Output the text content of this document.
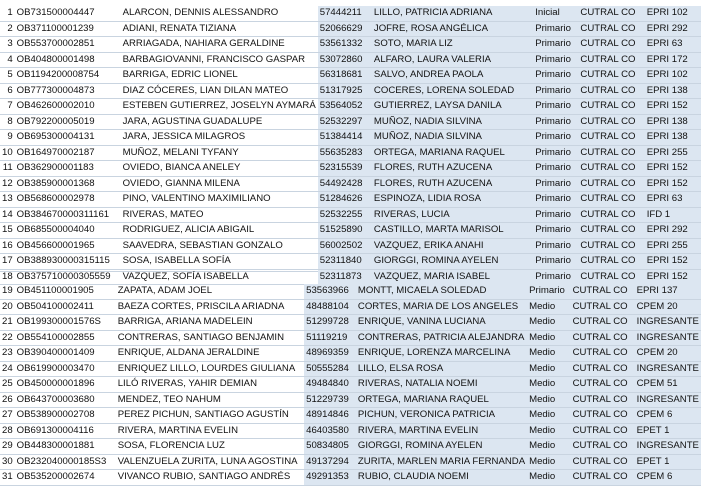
1	OB731500004447	ALARCON, DENNIS ALESSANDRO	57444211	LILLO, PATRICIA ADRIANA	Inicial	CUTRAL CO	EPRI 102
2	OB371100001239	ADIANI, RENATA TIZIANA	52066629	JOFRE, ROSA ANGÉLICA	Primario	CUTRAL CO	EPRI 292
3	OB553700002851	ARRIAGADA, NAHIARA GERALDINE	53561332	SOTO, MARIA LIZ	Primario	CUTRAL CO	EPRI 63
4	OB404800001498	BARBAGIOVANNI, FRANCISCO GASPAR	53072860	ALFARO, LAURA VALERIA	Primario	CUTRAL CO	EPRI 172
5	OB1194200008754	BARRIGA, EDRIC LIONEL	56318681	SALVO, ANDREA PAOLA	Primario	CUTRAL CO	EPRI 102
6	OB777300004873	DIAZ CÓCERES, LIAN DILAN MATEO	51317925	COCERES, LORENA SOLEDAD	Primario	CUTRAL CO	EPRI 138
7	OB462600002010	ESTEBEN GUTIERREZ, JOSELYN AYMARÁ	53564052	GUTIERREZ, LAYSA DANILA	Primario	CUTRAL CO	EPRI 152
8	OB792200005019	JARA, AGUSTINA GUADALUPE	52532297	MUÑOZ, NADIA SILVINA	Primario	CUTRAL CO	EPRI 138
9	OB695300004131	JARA, JESSICA MILAGROS	51384414	MUÑOZ, NADIA SILVINA	Primario	CUTRAL CO	EPRI 138
10	OB164970002187	MUÑOZ, MELANI TYFANY	55635283	ORTEGA, MARIANA RAQUEL	Primario	CUTRAL CO	EPRI 255
11	OB362900001183	OVIEDO, BIANCA ANELEY	52315539	FLORES, RUTH AZUCENA	Primario	CUTRAL CO	EPRI 152
12	OB385900001368	OVIEDO, GIANNA MILENA	54492428	FLORES, RUTH AZUCENA	Primario	CUTRAL CO	EPRI 152
13	OB568600002978	PINO, VALENTINO MAXIMILIANO	51284626	ESPINOZA, LIDIA ROSA	Primario	CUTRAL CO	EPRI 63
14	OB384670000311161	RIVERAS, MATEO	52532255	RIVERAS, LUCIA	Primario	CUTRAL CO	IFD 1
15	OB685500004040	RODRIGUEZ, ALICIA ABIGAIL	51525890	CASTILLO, MARTA MARISOL	Primario	CUTRAL CO	EPRI 292
16	OB456600001965	SAAVEDRA, SEBASTIAN GONZALO	56002502	VAZQUEZ, ERIKA ANAHI	Primario	CUTRAL CO	EPRI 255
17	OB388930000315115	SOSA, ISABELLA SOFÍA	52311840	GIORGGI, ROMINA AYELEN	Primario	CUTRAL CO	EPRI 152
18	OB375710000305559	VAZQUEZ, SOFÍA ISABELLA	52311873	VAZQUEZ, MARIA ISABEL	Primario	CUTRAL CO	EPRI 152
19	OB451100001905	ZAPATA, ADAM JOEL	53563966	MONTT, MICAELA SOLEDAD	Primario	CUTRAL CO	EPRI 137
20	OB504100002411	BAEZA CORTES, PRISCILA ARIADNA	48488104	CORTES, MARIA DE LOS ANGELES	Medio	CUTRAL CO	CPEM 20
21	OB199300001576S	BARRIGA, ARIANA MADELEIN	51299728	ENRIQUE, VANINA LUCIANA	Medio	CUTRAL CO	INGRESANTE
22	OB554100002855	CONTRERAS, SANTIAGO BENJAMIN	51119219	CONTRERAS, PATRICIA ALEJANDRA	Medio	CUTRAL CO	INGRESANTE
23	OB390400001409	ENRIQUE, ALDANA JERALDINE	48969359	ENRIQUE, LORENZA MARCELINA	Medio	CUTRAL CO	CPEM 20
24	OB619900003470	ENRIQUEZ LILLO, LOURDES GIULIANA	50555284	LILLO, ELSA ROSA	Medio	CUTRAL CO	INGRESANTE
25	OB450000001896	LILÓ RIVERAS, YAHIR DEMIAN	49484840	RIVERAS, NATALIA NOEMI	Medio	CUTRAL CO	CPEM 51
26	OB643700003680	MENDEZ, TEO NAHUM	51229739	ORTEGA, MARIANA RAQUEL	Medio	CUTRAL CO	INGRESANTE
27	OB538900002708	PEREZ PICHUN, SANTIAGO AGUSTÍN	48914846	PICHUN, VERONICA PATRICIA	Medio	CUTRAL CO	CPEM 6
28	OB691300004116	RIVERA, MARTINA EVELIN	46403580	RIVERA, MARTINA EVELIN	Medio	CUTRAL CO	EPET 1
29	OB448300001881	SOSA, FLORENCIA LUZ	50834805	GIORGGI, ROMINA AYELEN	Medio	CUTRAL CO	INGRESANTE
30	OB232040000185S3	VALENZUELA ZURITA, LUNA AGOSTINA	49137294	ZURITA, MARLEN MARIA FERNANDA	Medio	CUTRAL CO	EPET 1
31	OB535200002674	VIVANCO RUBIO, SANTIAGO ANDRÉS	49291353	RUBIO, CLAUDIA NOEMI	Medio	CUTRAL CO	CPEM 6
